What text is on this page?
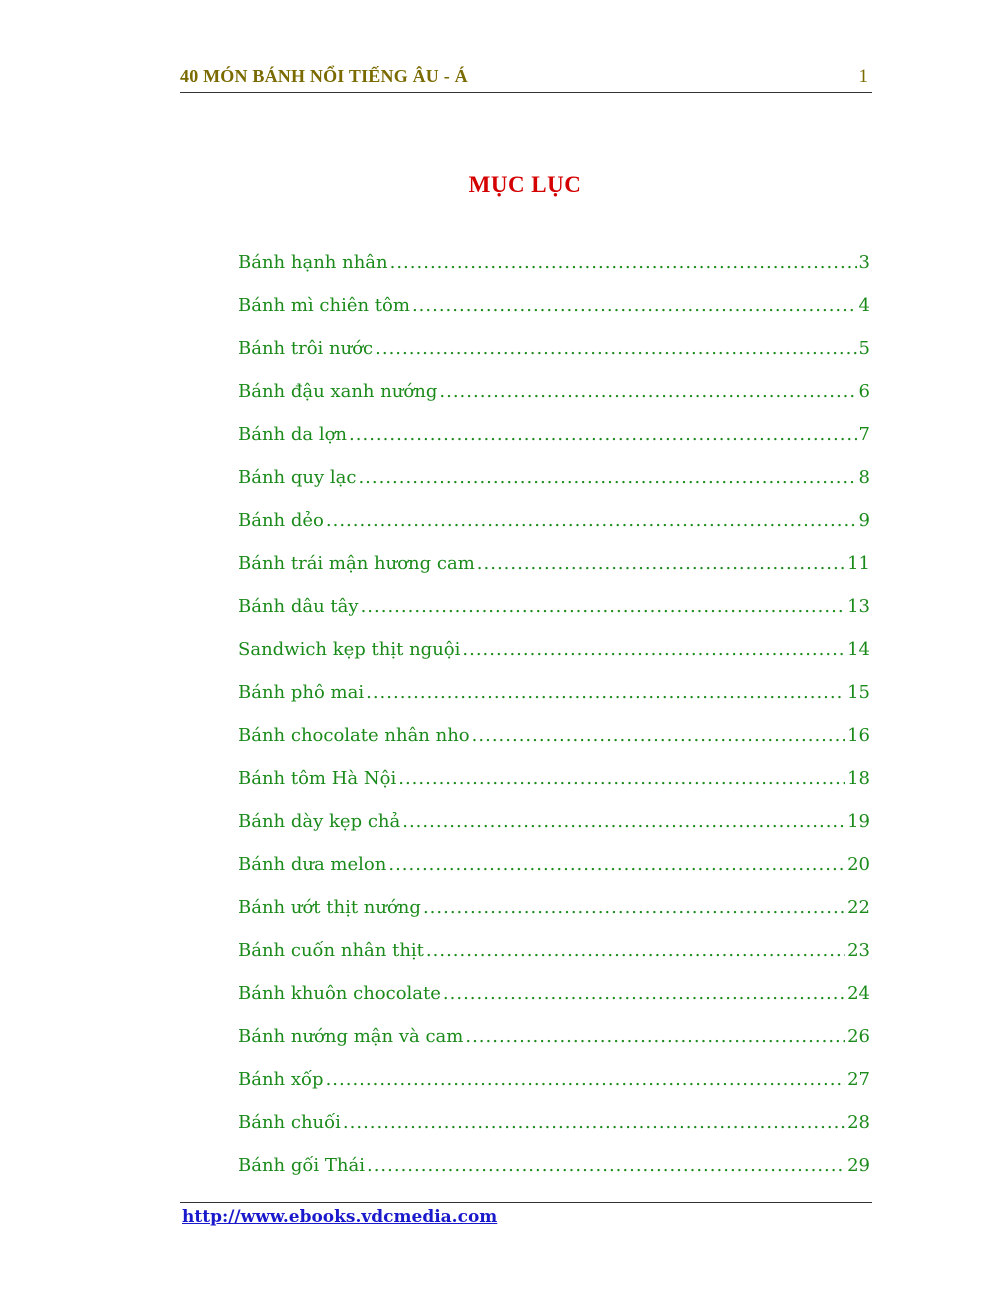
40 MÓN BÁNH NỔI TIẾNG ÂU - Á	1
MỤC LỤC
Bánh hạnh nhân .....	3
Bánh mì chiên tôm .....	4
Bánh trôi nước .....	5
Bánh đậu xanh nướng .....	6
Bánh da lợn .....	7
Bánh quy lạc .....	8
Bánh dẻo .....	9
Bánh trái mận hương cam .....	11
Bánh dâu tây .....	13
Sandwich kẹp thịt nguội .....	14
Bánh phô mai .....	15
Bánh chocolate nhân nho .....	16
Bánh tôm Hà Nội .....	18
Bánh dày kẹp chả .....	19
Bánh dưa melon .....	20
Bánh ướt thịt nướng .....	22
Bánh cuốn nhân thịt .....	23
Bánh khuôn chocolate .....	24
Bánh nướng mận và cam .....	26
Bánh xốp .....	27
Bánh chuối .....	28
Bánh gối Thái .....	29
http://www.ebooks.vdcmedia.com
